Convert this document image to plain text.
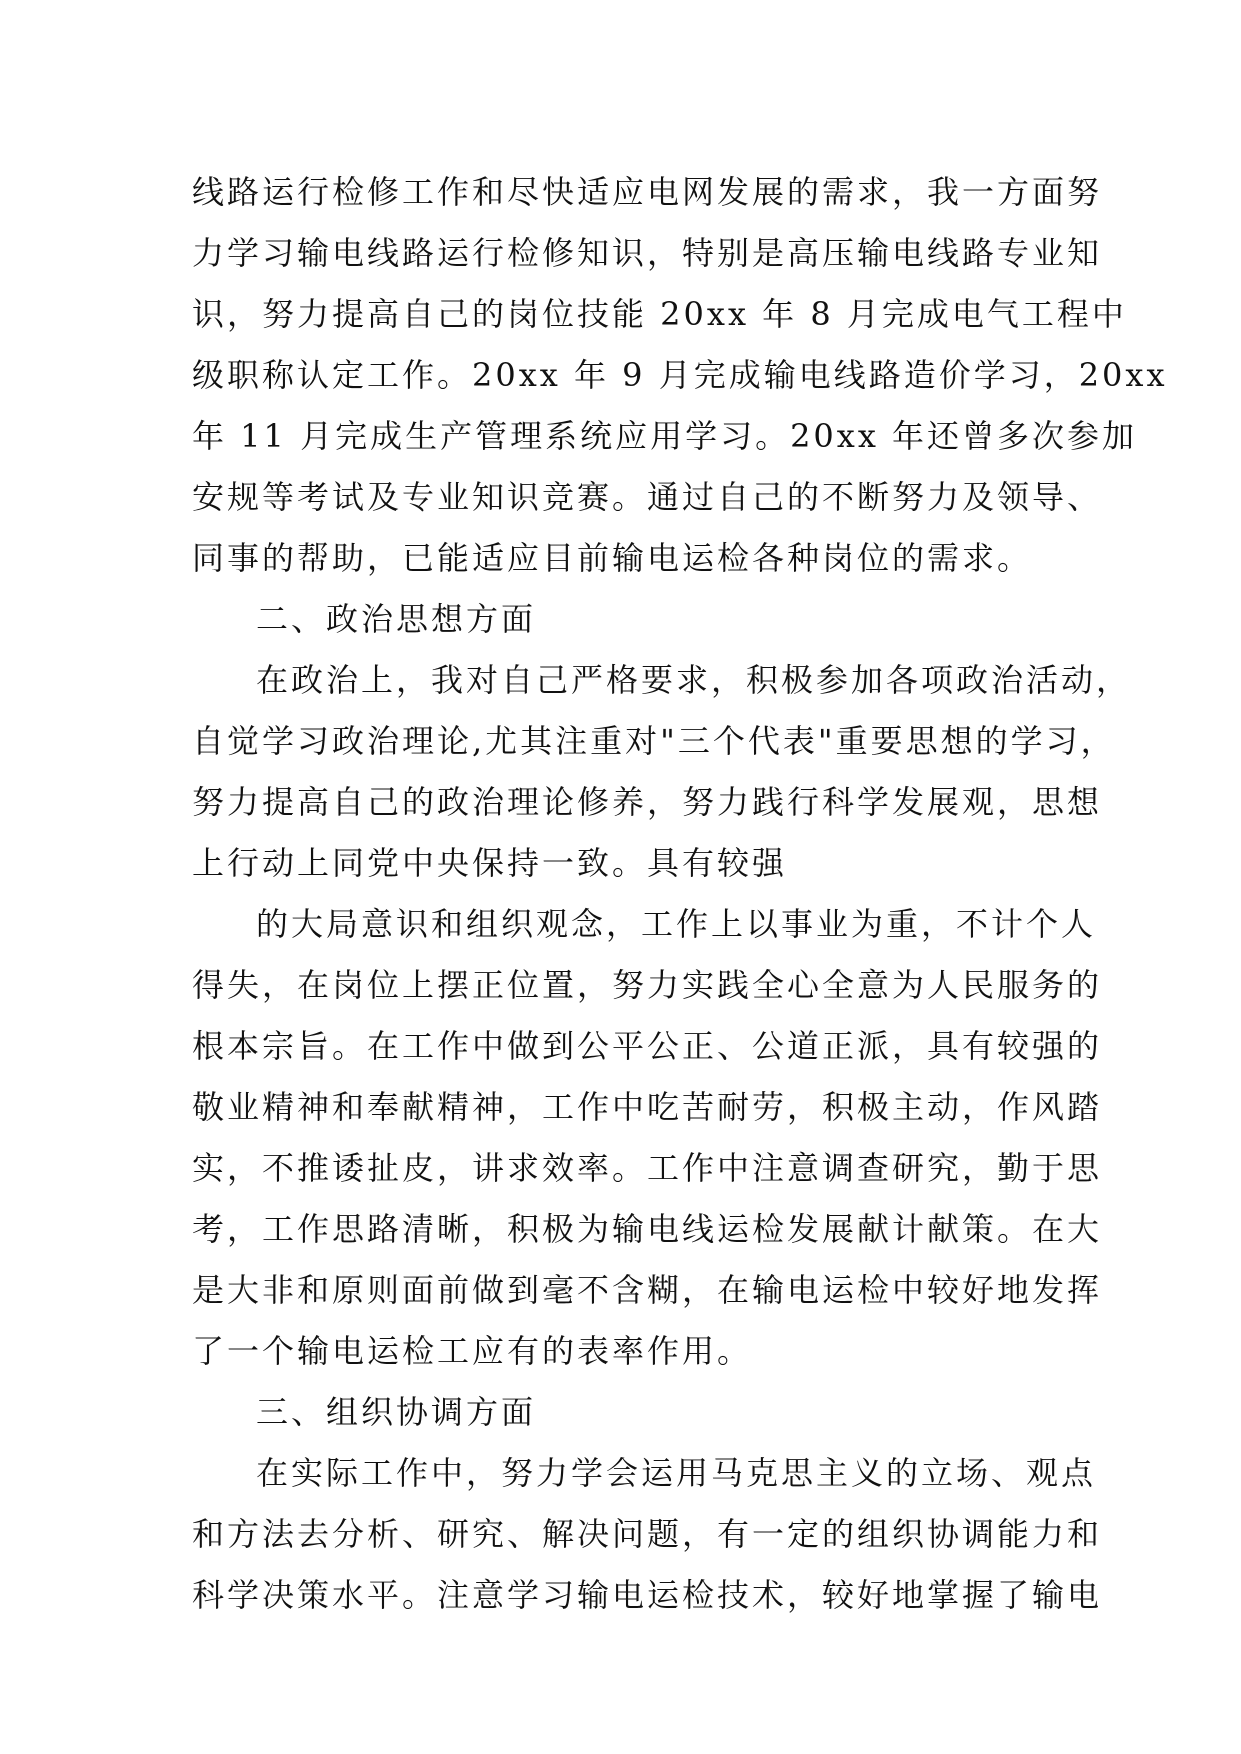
线路运行检修工作和尽快适应电网发展的需求，我一方面努
力学习输电线路运行检修知识，特别是高压输电线路专业知
识，努力提高自己的岗位技能 20xx 年 8 月完成电气工程中
级职称认定工作。20xx 年 9 月完成输电线路造价学习，20xx
年 11 月完成生产管理系统应用学习。20xx 年还曾多次参加
安规等考试及专业知识竞赛。通过自己的不断努力及领导、
同事的帮助，已能适应目前输电运检各种岗位的需求。
二、政治思想方面
在政治上，我对自己严格要求，积极参加各项政治活动，
自觉学习政治理论,尤其注重对"三个代表"重要思想的学习，
努力提高自己的政治理论修养，努力践行科学发展观，思想
上行动上同党中央保持一致。具有较强
的大局意识和组织观念，工作上以事业为重，不计个人
得失，在岗位上摆正位置，努力实践全心全意为人民服务的
根本宗旨。在工作中做到公平公正、公道正派，具有较强的
敬业精神和奉献精神，工作中吃苦耐劳，积极主动，作风踏
实，不推诿扯皮，讲求效率。工作中注意调查研究，勤于思
考，工作思路清晰，积极为输电线运检发展献计献策。在大
是大非和原则面前做到毫不含糊，在输电运检中较好地发挥
了一个输电运检工应有的表率作用。
三、组织协调方面
在实际工作中，努力学会运用马克思主义的立场、观点
和方法去分析、研究、解决问题，有一定的组织协调能力和
科学决策水平。注意学习输电运检技术，较好地掌握了输电
